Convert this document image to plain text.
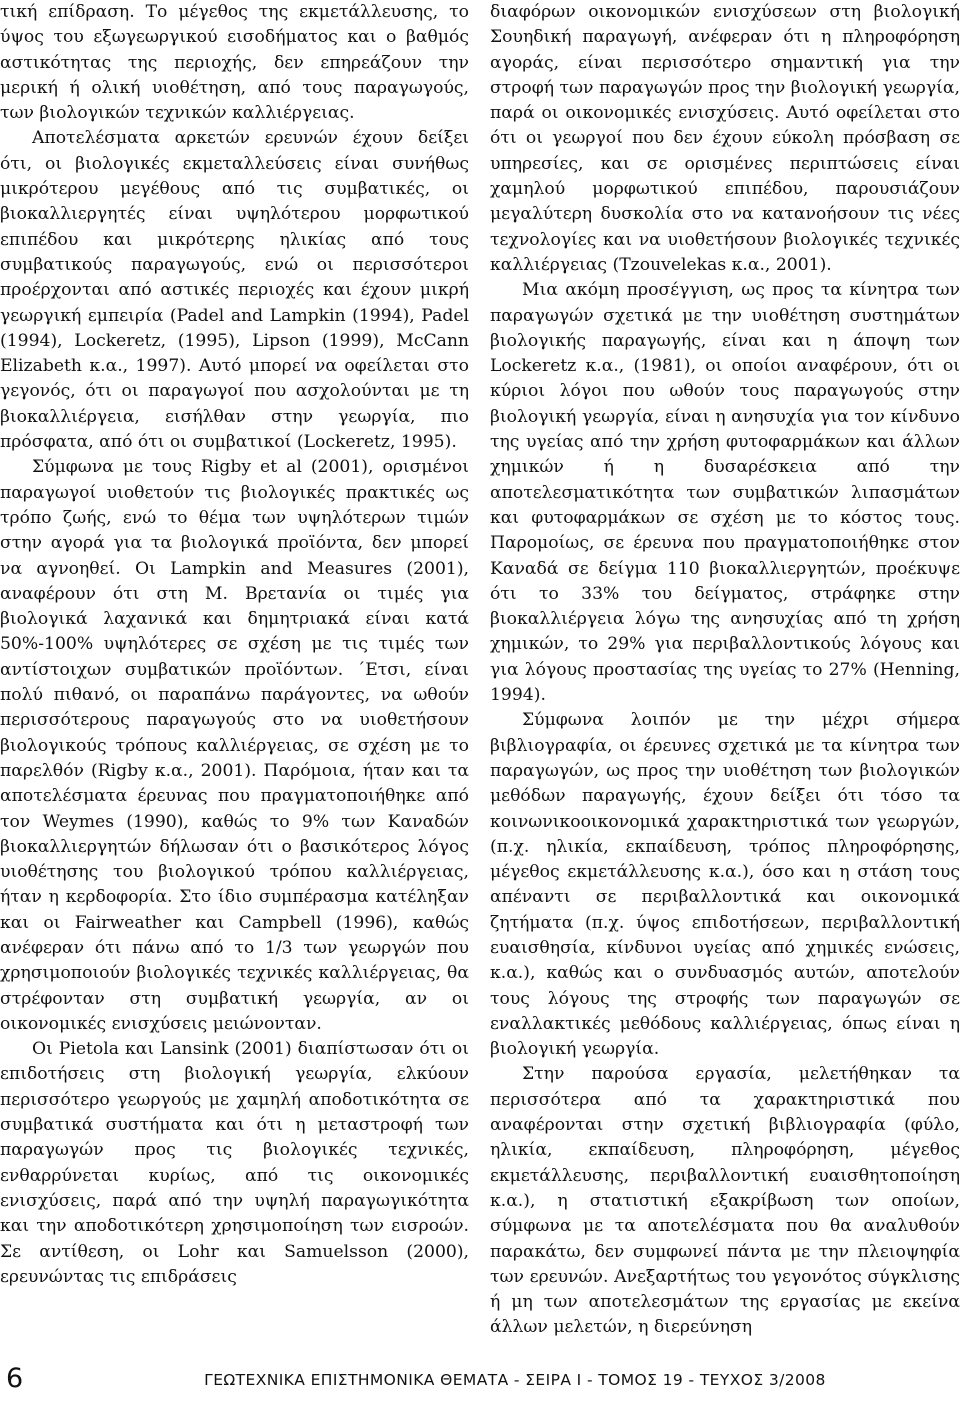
τική επίδραση. Το μέγεθος της εκμετάλλευσης, το ύψος του εξωγεωργικού εισοδήματος και ο βαθμός αστικότητας της περιοχής, δεν επηρεάζουν την μερική ή ολική υιοθέτηση, από τους παραγωγούς, των βιολογικών τεχνικών καλλιέργειας.

Αποτελέσματα αρκετών ερευνών έχουν δείξει ότι, οι βιολογικές εκμεταλλεύσεις είναι συνήθως μικρότερου μεγέθους από τις συμβατικές, οι βιοκαλλιεργητές είναι υψηλότερου μορφωτικού επιπέδου και μικρότερης ηλικίας από τους συμβατικούς παραγωγούς, ενώ οι περισσότεροι προέρχονται από αστικές περιοχές και έχουν μικρή γεωργική εμπειρία (Padel and Lampkin (1994), Padel (1994), Lockeretz, (1995), Lipson (1999), McCann Elizabeth κ.α., 1997). Αυτό μπορεί να οφείλεται στο γεγονός, ότι οι παραγωγοί που ασχολούνται με τη βιοκαλλιέργεια, εισήλθαν στην γεωργία, πιο πρόσφατα, από ότι οι συμβατικοί (Lockeretz, 1995).

Σύμφωνα με τους Rigby et al (2001), ορισμένοι παραγωγοί υιοθετούν τις βιολογικές πρακτικές ως τρόπο ζωής, ενώ το θέμα των υψηλότερων τιμών στην αγορά για τα βιολογικά προϊόντα, δεν μπορεί να αγνοηθεί. Οι Lampkin and Measures (2001), αναφέρουν ότι στη Μ. Βρετανία οι τιμές για βιολογικά λαχανικά και δημητριακά είναι κατά 50%-100% υψηλότερες σε σχέση με τις τιμές των αντίστοιχων συμβατικών προϊόντων. ΄Ετσι, είναι πολύ πιθανό, οι παραπάνω παράγοντες, να ωθούν περισσότερους παραγωγούς στο να υιοθετήσουν βιολογικούς τρόπους καλλιέργειας, σε σχέση με το παρελθόν (Rigby κ.α., 2001). Παρόμοια, ήταν και τα αποτελέσματα έρευνας που πραγματοποιήθηκε από τον Weymes (1990), καθώς το 9% των Καναδών βιοκαλλιεργητών δήλωσαν ότι ο βασικότερος λόγος υιοθέτησης του βιολογικού τρόπου καλλιέργειας, ήταν η κερδοφορία. Στο ίδιο συμπέρασμα κατέληξαν και οι Fairweather και Campbell (1996), καθώς ανέφεραν ότι πάνω από το 1/3 των γεωργών που χρησιμοποιούν βιολογικές τεχνικές καλλιέργειας, θα στρέφονταν στη συμβατική γεωργία, αν οι οικονομικές ενισχύσεις μειώνονταν.

Οι Pietola και Lansink (2001) διαπίστωσαν ότι οι επιδοτήσεις στη βιολογική γεωργία, ελκύουν περισσότερο γεωργούς με χαμηλή αποδοτικότητα σε συμβατικά συστήματα και ότι η μεταστροφή των παραγωγών προς τις βιολογικές τεχνικές, ενθαρρύνεται κυρίως, από τις οικονομικές ενισχύσεις, παρά από την υψηλή παραγωγικότητα και την αποδοτικότερη χρησιμοποίηση των εισροών. Σε αντίθεση, οι Lohr και Samuelsson (2000), ερευνώντας τις επιδράσεις

διαφόρων οικονομικών ενισχύσεων στη βιολογική Σουηδική παραγωγή, ανέφεραν ότι η πληροφόρηση αγοράς, είναι περισσότερο σημαντική για την στροφή των παραγωγών προς την βιολογική γεωργία, παρά οι οικονομικές ενισχύσεις. Αυτό οφείλεται στο ότι οι γεωργοί που δεν έχουν εύκολη πρόσβαση σε υπηρεσίες, και σε ορισμένες περιπτώσεις είναι χαμηλού μορφωτικού επιπέδου, παρουσιάζουν μεγαλύτερη δυσκολία στο να κατανοήσουν τις νέες τεχνολογίες και να υιοθετήσουν βιολογικές τεχνικές καλλιέργειας (Tzouvelekas κ.α., 2001).

Μια ακόμη προσέγγιση, ως προς τα κίνητρα των παραγωγών σχετικά με την υιοθέτηση συστημάτων βιολογικής παραγωγής, είναι και η άποψη των Lockeretz κ.α., (1981), οι οποίοι αναφέρουν, ότι οι κύριοι λόγοι που ωθούν τους παραγωγούς στην βιολογική γεωργία, είναι η ανησυχία για τον κίνδυνο της υγείας από την χρήση φυτοφαρμάκων και άλλων χημικών ή η δυσαρέσκεια από την αποτελεσματικότητα των συμβατικών λιπασμάτων και φυτοφαρμάκων σε σχέση με το κόστος τους. Παρομοίως, σε έρευνα που πραγματοποιήθηκε στον Καναδά σε δείγμα 110 βιοκαλλιεργητών, προέκυψε ότι το 33% του δείγματος, στράφηκε στην βιοκαλλιέργεια λόγω της ανησυχίας από τη χρήση χημικών, το 29% για περιβαλλοντικούς λόγους και για λόγους προστασίας της υγείας το 27% (Henning, 1994).

Σύμφωνα λοιπόν με την μέχρι σήμερα βιβλιογραφία, οι έρευνες σχετικά με τα κίνητρα των παραγωγών, ως προς την υιοθέτηση των βιολογικών μεθόδων παραγωγής, έχουν δείξει ότι τόσο τα κοινωνικοοικονομικά χαρακτηριστικά των γεωργών, (π.χ. ηλικία, εκπαίδευση, τρόπος πληροφόρησης, μέγεθος εκμετάλλευσης κ.α.), όσο και η στάση τους απέναντι σε περιβαλλοντικά και οικονομικά ζητήματα (π.χ. ύψος επιδοτήσεων, περιβαλλοντική ευαισθησία, κίνδυνοι υγείας από χημικές ενώσεις, κ.α.), καθώς και ο συνδυασμός αυτών, αποτελούν τους λόγους της στροφής των παραγωγών σε εναλλακτικές μεθόδους καλλιέργειας, όπως είναι η βιολογική γεωργία.

Στην παρούσα εργασία, μελετήθηκαν τα περισσότερα από τα χαρακτηριστικά που αναφέρονται στην σχετική βιβλιογραφία (φύλο, ηλικία, εκπαίδευση, πληροφόρηση, μέγεθος εκμετάλλευσης, περιβαλλοντική ευαισθητοποίηση κ.α.), η στατιστική εξακρίβωση των οποίων, σύμφωνα με τα αποτελέσματα που θα αναλυθούν παρακάτω, δεν συμφωνεί πάντα με την πλειοψηφία των ερευνών. Ανεξαρτήτως του γεγονότος σύγκλισης ή μη των αποτελεσμάτων της εργασίας με εκείνα άλλων μελετών, η διερεύνηση

6	ΓΕΩΤΕΧΝΙΚΑ ΕΠΙΣΤΗΜΟΝΙΚΑ ΘΕΜΑΤΑ - ΣΕΙΡΑ Ι - ΤΟΜΟΣ 19 - ΤΕΥΧΟΣ 3/2008
